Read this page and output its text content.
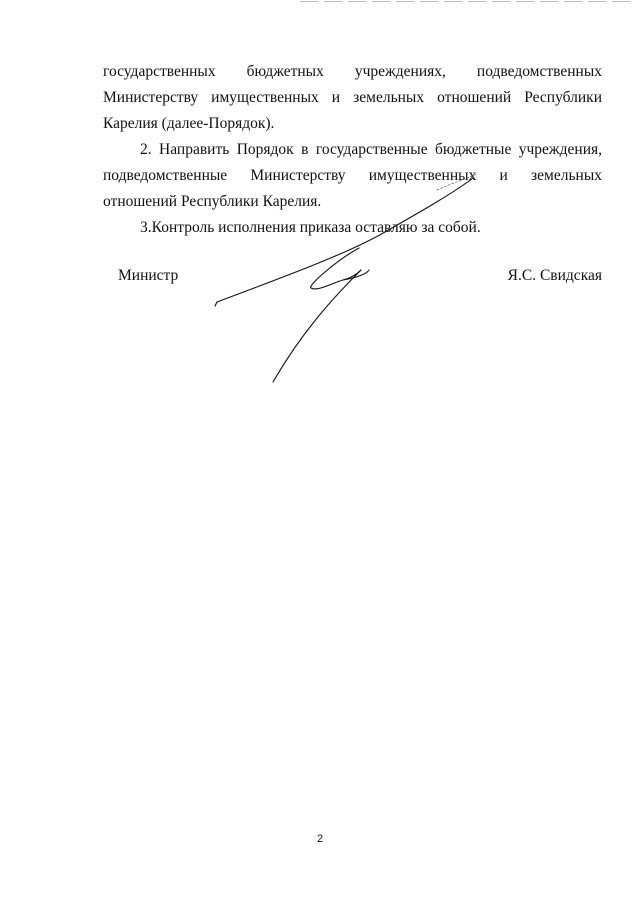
государственных бюджетных учреждениях, подведомственных Министерству имущественных и земельных отношений Республики Карелия (далее-Порядок).

2. Направить Порядок в государственные бюджетные учреждения, подведомственные Министерству имущественных и земельных отношений Республики Карелия.

3.Контроль исполнения приказа оставляю за собой.

Министр	Я.С. Свидская
2
